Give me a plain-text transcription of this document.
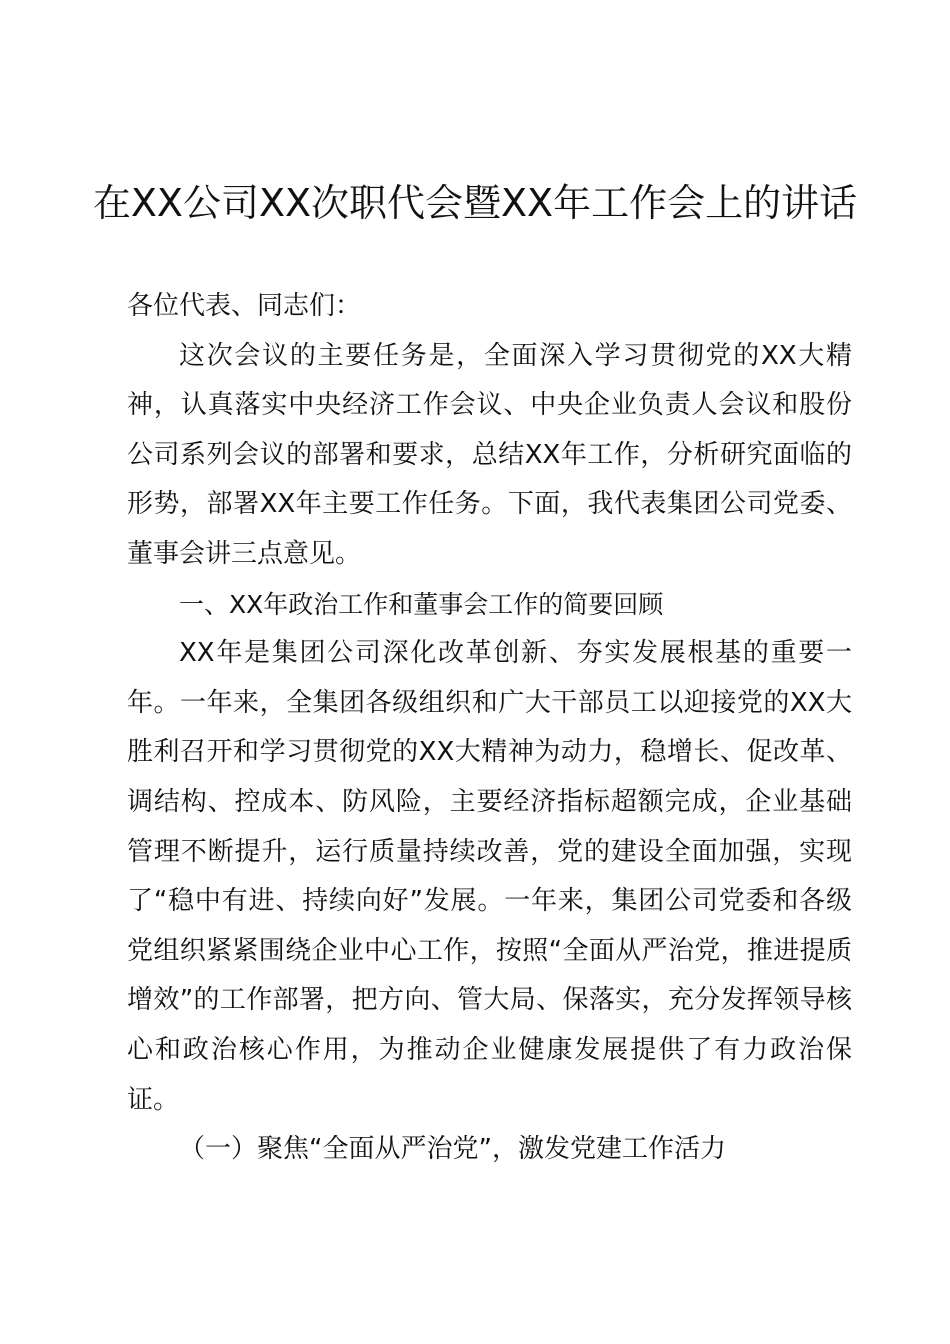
在XX公司XX次职代会暨XX年工作会上的讲话

各位代表、同志们：

这次会议的主要任务是，全面深入学习贯彻党的XX大精神，认真落实中央经济工作会议、中央企业负责人会议和股份公司系列会议的部署和要求，总结XX年工作，分析研究面临的形势，部署XX年主要工作任务。下面，我代表集团公司党委、董事会讲三点意见。

一、XX年政治工作和董事会工作的简要回顾

XX年是集团公司深化改革创新、夯实发展根基的重要一年。一年来，全集团各级组织和广大干部员工以迎接党的XX大胜利召开和学习贯彻党的XX大精神为动力，稳增长、促改革、调结构、控成本、防风险，主要经济指标超额完成，企业基础管理不断提升，运行质量持续改善，党的建设全面加强，实现了“稳中有进、持续向好”发展。一年来，集团公司党委和各级党组织紧紧围绕企业中心工作，按照“全面从严治党，推进提质增效”的工作部署，把方向、管大局、保落实，充分发挥领导核心和政治核心作用，为推动企业健康发展提供了有力政治保证。

（一）聚焦“全面从严治党”，激发党建工作活力
